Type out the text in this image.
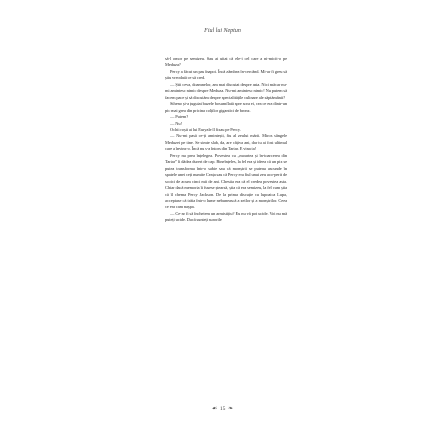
Fiul lui Neptun

să-l omor pe semizeu. Sau ai uitat că ele-i cel care a ni-micit-o pe Meduza?

Percy a făcut un pas înapoi. Încă zâmbea în-cercând. Mi-ar fi greu să știu vreodată ce să cred.

— Știi ceva, doamnelor, am mai discutat despre asta. Nici măcar nu-mi amintesc nimic despre Meduza. Nu-mi amintesc nimic! Nu putem să facem pace și să discutăm despre specialitățile culinare ale săptămânii?

Stheno și-a țuguiat buzele bosumflată spre sora ei, cea ce era dintr-un pic mai grea din pricina colților gigantici de bronz.

— Putem?

— Nu!

Ochii roșii ai lui Euryale îl fixau pe Percy.

— Nu-mi pasă ce-ți amintești, fiu al zeului mării. Miros sângele Meduzei pe tine. Se simte slab, da, are câțiva ani, dar tu ai fost ultimul care a învins-o. Încă nu s-a întors din Tartar. E vina ta!

Percy nu prea înțelegea. Povestea cu „moartea și în-toarcerea din Tartar” îi dădea dureri de cap. Bineînțeles, la fel era și ideea că un pix se putea transforma într-o sabie sau că monștrii se puteau ascunde în spatele unei ceți numite Ceața sau că Percy era fiul unui zeu aco-perit de scoici de acum cinci mii de ani. Chestia era că el credea povestea asta. Chiar dacă memoria îi fusese ștearsă, știa că era semizeu, la fel cum știa că îl chema Percy Jackson. De la prima discuție cu lupoaica Lupa, acceptase că trăia într-o lume nebunească a zeilor și a monștrilor. Ceea ce era cam nașpa.

— Ce-ar fi să încheiem un armistițiu? Eu nu vă pot ucide. Voi nu mă puteți ucide. Dacă sunteți surorile

☙ 15 ❧
